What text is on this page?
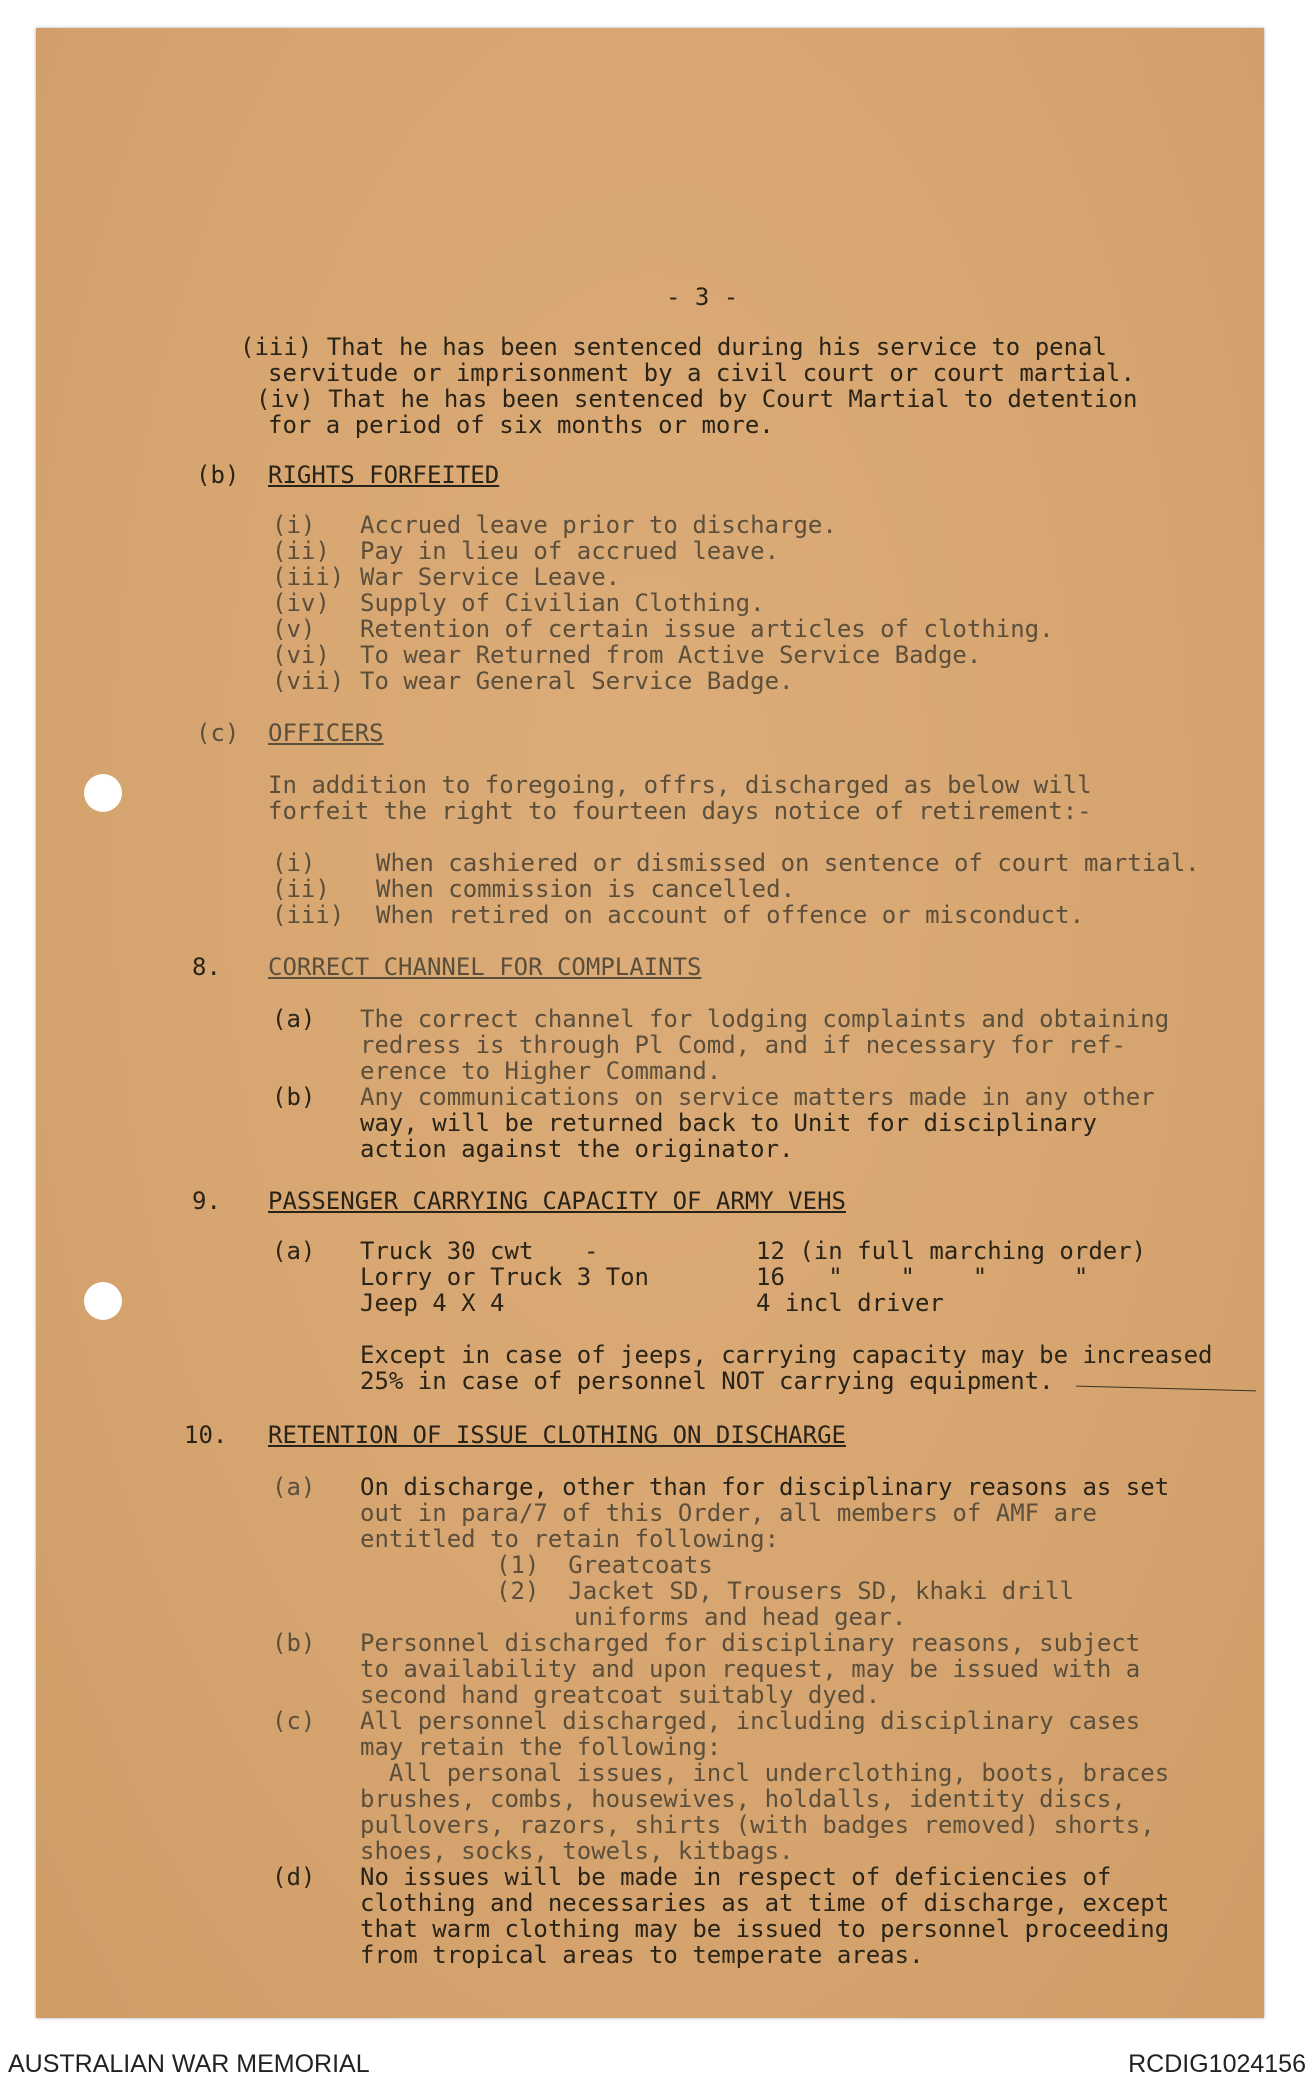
- 3 -
(iii) That he has been sentenced during his service to penal
servitude or imprisonment by a civil court or court martial.
(iv) That he has been sentenced by Court Martial to detention
for a period of six months or more.
(b) RIGHTS FORFEITED
(i) Accrued leave prior to discharge.
(ii) Pay in lieu of accrued leave.
(iii) War Service Leave.
(iv) Supply of Civilian Clothing.
(v) Retention of certain issue articles of clothing.
(vi) To wear Returned from Active Service Badge.
(vii) To wear General Service Badge.
(c) OFFICERS
In addition to foregoing, offrs, discharged as below will
forfeit the right to fourteen days notice of retirement:-
(i)	When cashiered or dismissed on sentence of court martial.
(ii) When commission is cancelled.
(iii) When retired on account of offence or misconduct.
8. CORRECT CHANNEL FOR COMPLAINTS
(a) The correct channel for lodging complaints and obtaining
redress is through Pl Comd, and if necessary for ref-
erence to Higher Command.
(b) Any communications on service matters made in any other
way, will be returned back to Unit for disciplinary
action against the originator.
9. PASSENGER CARRYING CAPACITY OF ARMY VEHS
(a) Truck 30 cwt -	12 (in full marching order)
Lorry or Truck 3 Ton	16   "    "    "      "
Jeep 4 X 4	4 incl driver
Except in case of jeeps, carrying capacity may be increased
25% in case of personnel NOT carrying equipment.
10. RETENTION OF ISSUE CLOTHING ON DISCHARGE
(a) On discharge, other than for disciplinary reasons as set
out in para/7 of this Order, all members of AMF are
entitled to retain following:
(1)  Greatcoats
(2)  Jacket SD, Trousers SD, khaki drill
uniforms and head gear.
(b) Personnel discharged for disciplinary reasons, subject
to availability and upon request, may be issued with a
second hand greatcoat suitably dyed.
(c) All personnel discharged, including disciplinary cases
may retain the following:
All personal issues, incl underclothing, boots, braces
brushes, combs, housewives, holdalls, identity discs,
pullovers, razors, shirts (with badges removed) shorts,
shoes, socks, towels, kitbags.
(d) No issues will be made in respect of deficiencies of
clothing and necessaries as at time of discharge, except
that warm clothing may be issued to personnel proceeding
from tropical areas to temperate areas.
AUSTRALIAN WAR MEMORIAL	RCDIG1024156
